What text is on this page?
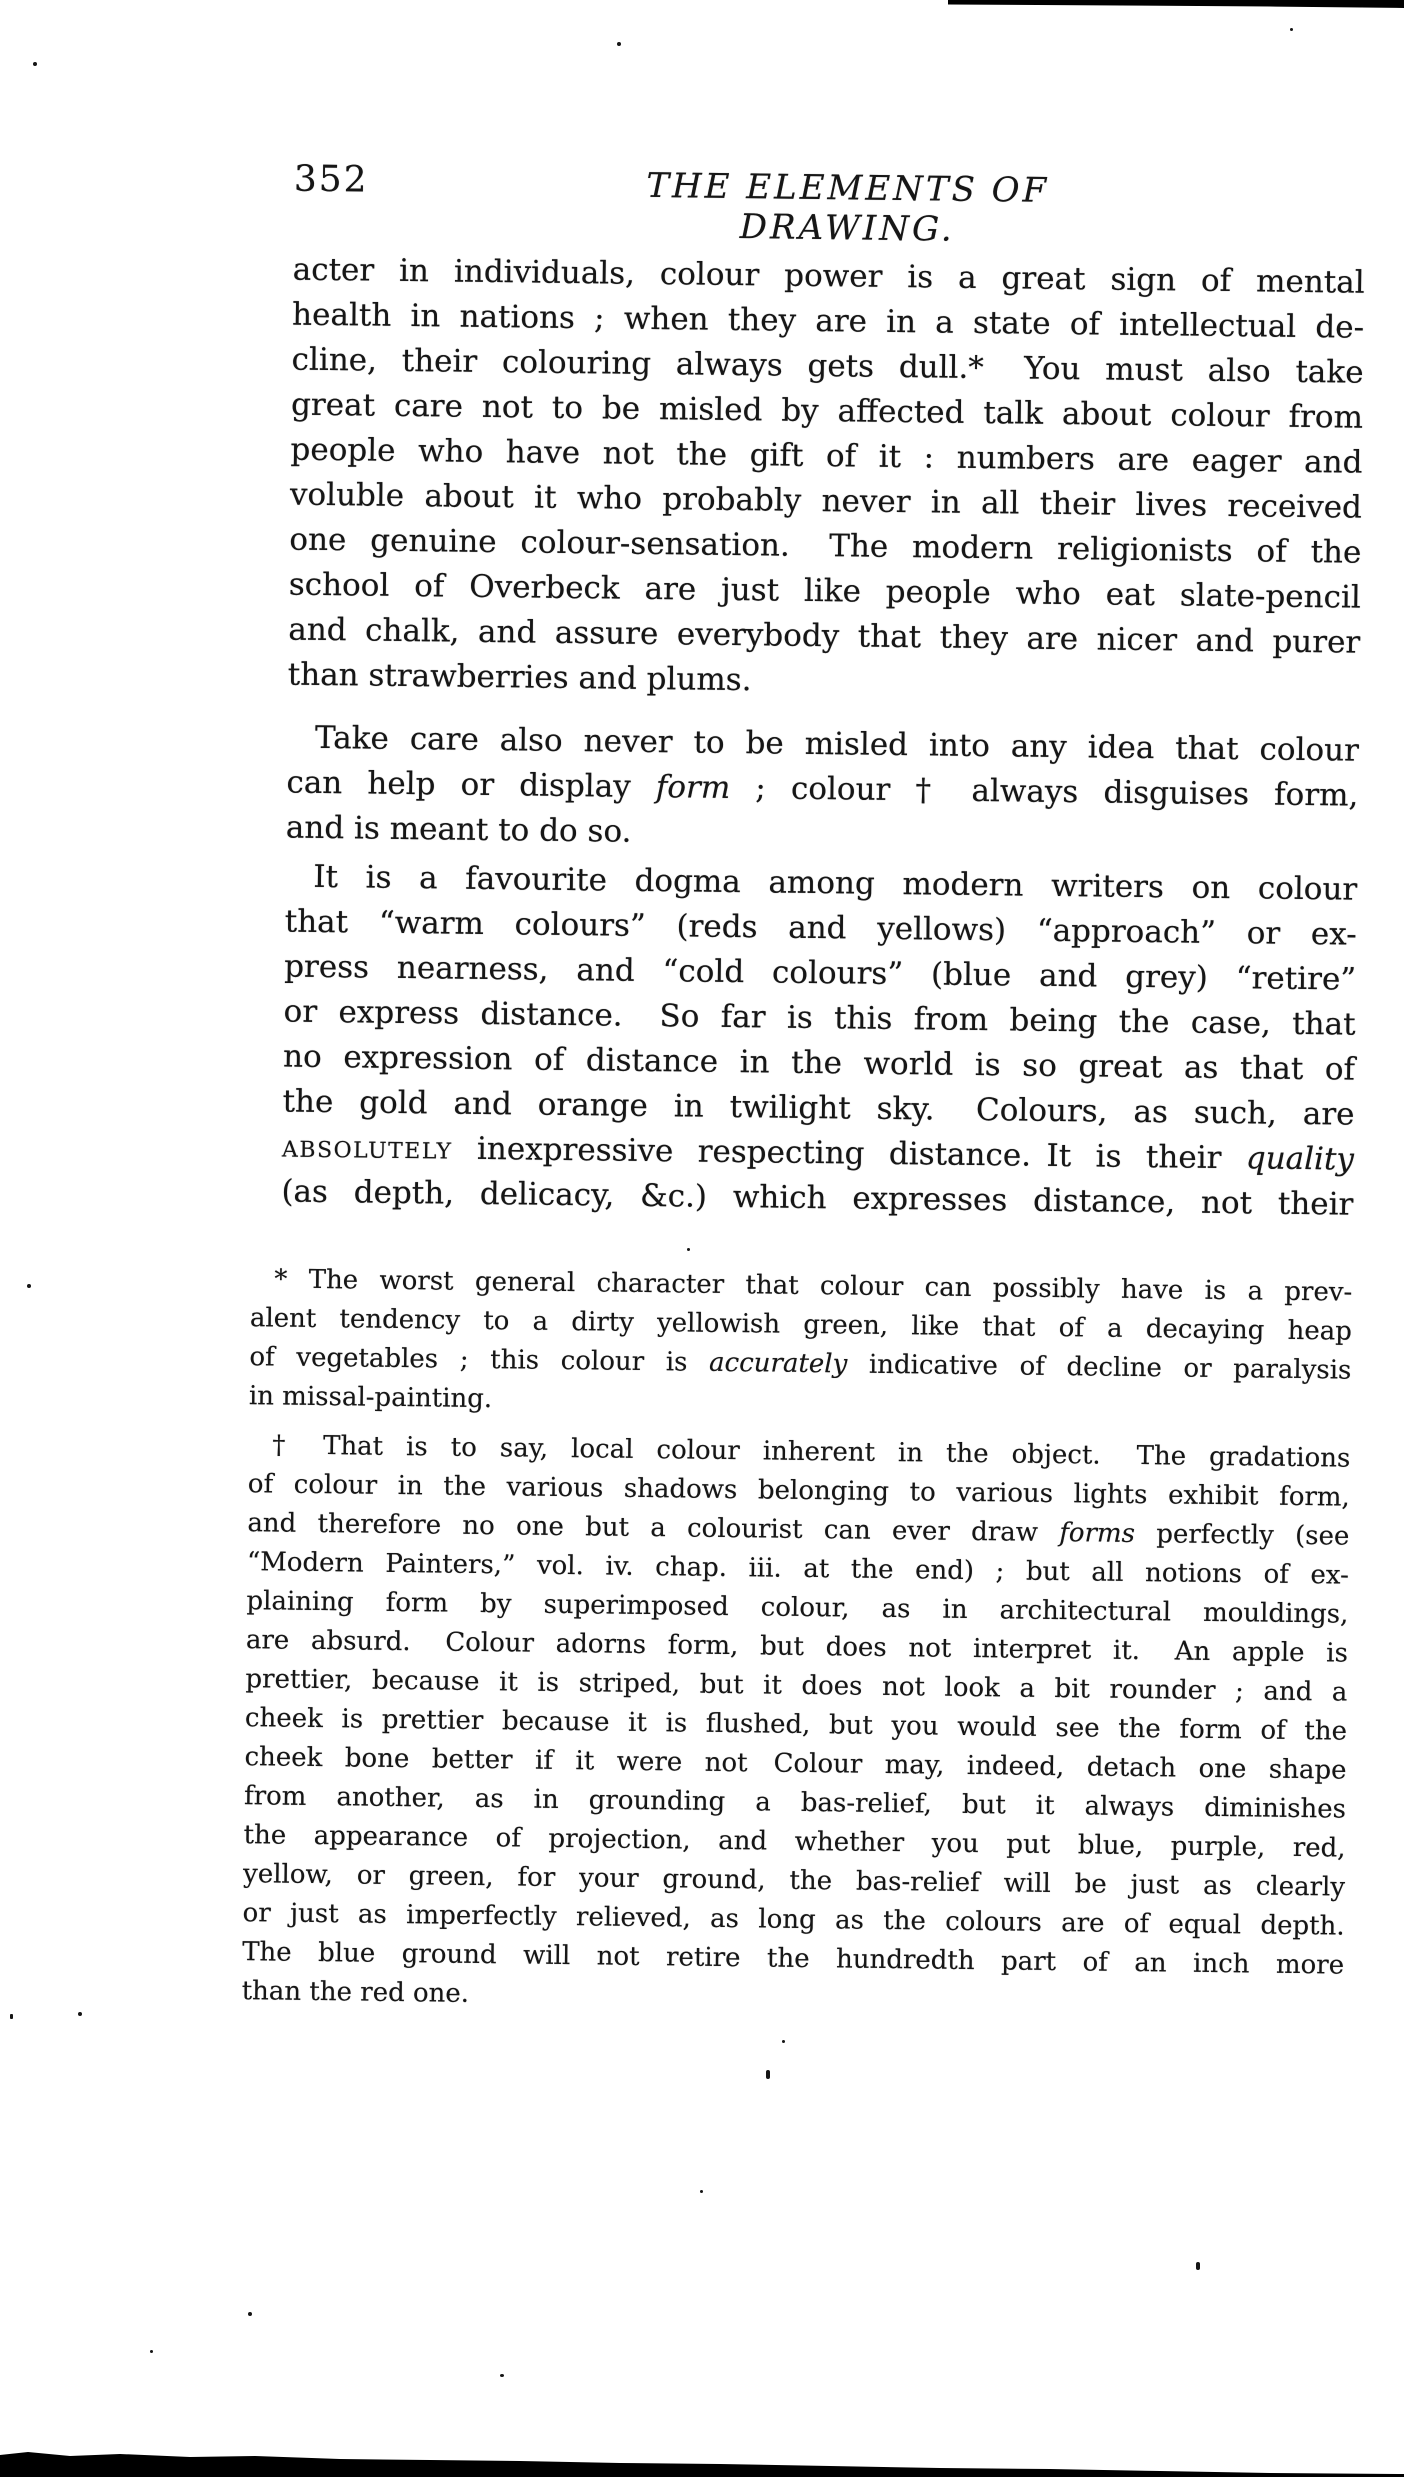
352	THE ELEMENTS OF DRAWING.
acter in individuals, colour power is a great sign of mental
health in nations ; when they are in a state of intellectual de-
cline, their colouring always gets dull.*  You must also take
great care not to be misled by affected talk about colour from
people who have not the gift of it : numbers are eager and
voluble about it who probably never in all their lives received
one genuine colour-sensation.  The modern religionists of the
school of Overbeck are just like people who eat slate-pencil
and chalk, and assure everybody that they are nicer and purer
than strawberries and plums.
Take care also never to be misled into any idea that colour
can help or display form ; colour † always disguises form,
and is meant to do so.
It is a favourite dogma among modern writers on colour
that “warm colours” (reds and yellows) “approach” or ex-
press nearness, and “cold colours” (blue and grey) “retire”
or express distance.  So far is this from being the case, that
no expression of distance in the world is so great as that of
the gold and orange in twilight sky.  Colours, as such, are
absolutely inexpressive respecting distance. It is their quality
(as depth, delicacy, &c.) which expresses distance, not their
* The worst general character that colour can possibly have is a prev-
alent tendency to a dirty yellowish green, like that of a decaying heap
of vegetables ; this colour is accurately indicative of decline or paralysis
in missal-painting.
† That is to say, local colour inherent in the object.  The gradations
of colour in the various shadows belonging to various lights exhibit form,
and therefore no one but a colourist can ever draw forms perfectly (see
“Modern Painters,” vol. iv. chap. iii. at the end) ; but all notions of ex-
plaining form by superimposed colour, as in architectural mouldings,
are absurd.  Colour adorns form, but does not interpret it.  An apple is
prettier, because it is striped, but it does not look a bit rounder ; and a
cheek is prettier because it is flushed, but you would see the form of the
cheek bone better if it were not  Colour may, indeed, detach one shape
from another, as in grounding a bas-relief, but it always diminishes
the appearance of projection, and whether you put blue, purple, red,
yellow, or green, for your ground, the bas-relief will be just as clearly
or just as imperfectly relieved, as long as the colours are of equal depth.
The blue ground will not retire the hundredth part of an inch more
than the red one.
